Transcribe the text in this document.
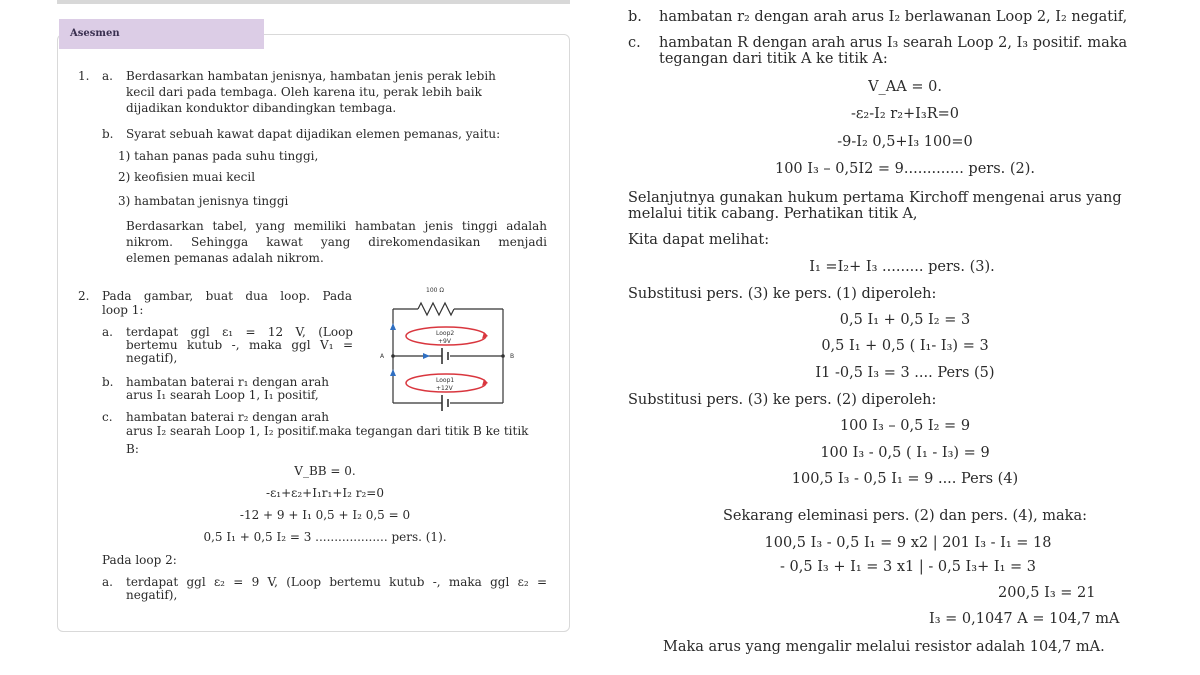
Asesmen
1. a. Berdasarkan hambatan jenisnya, hambatan jenis perak lebih
kecil dari pada tembaga. Oleh karena itu, perak lebih baik
dijadikan konduktor dibandingkan tembaga.
b. Syarat sebuah kawat dapat dijadikan elemen pemanas, yaitu:
1) tahan panas pada suhu tinggi,
2) keofisien muai kecil
3) hambatan jenisnya tinggi
Berdasarkan tabel, yang memiliki hambatan jenis tinggi adalah
nikrom. Sehingga kawat yang direkomendasikan menjadi
elemen pemanas adalah nikrom.
2. Pada gambar, buat dua loop. Pada
loop 1:
a. terdapat ggl ε₁ = 12 V, (Loop
bertemu kutub -, maka ggl V₁ =
negatif),
b. hambatan baterai r₁ dengan arah
arus I₁ searah Loop 1, I₁ positif,
c. hambatan baterai r₂ dengan arah
arus I₂ searah Loop 1, I₂ positif.maka tegangan dari titik B ke titik
B:
V_BB = 0.
-ε₁+ε₂+I₁r₁+I₂ r₂=0
-12 + 9 + I₁ 0,5 + I₂ 0,5 = 0
0,5 I₁ + 0,5 I₂ = 3 ................... pers. (1).
Pada loop 2:
a. terdapat ggl ε₂ = 9 V, (Loop bertemu kutub -, maka ggl ε₂ =
negatif),
100 Ω
Loop2
+9V
Loop1
+12V
A	B
b. hambatan r₂ dengan arah arus I₂ berlawanan Loop 2, I₂ negatif,
c. hambatan R dengan arah arus I₃ searah Loop 2, I₃ positif. maka
tegangan dari titik A ke titik A:
V_AA = 0.
-ε₂-I₂ r₂+I₃R=0
-9-I₂ 0,5+I₃ 100=0
100 I₃ – 0,5I2 = 9............. pers. (2).
Selanjutnya gunakan hukum pertama Kirchoff mengenai arus yang
melalui titik cabang. Perhatikan titik A,
Kita dapat melihat:
I₁ =I₂+ I₃ ......... pers. (3).
Substitusi pers. (3) ke pers. (1) diperoleh:
0,5 I₁ + 0,5 I₂ = 3
0,5 I₁ + 0,5 ( I₁- I₃) = 3
I1 -0,5 I₃ = 3 .... Pers (5)
Substitusi pers. (3) ke pers. (2) diperoleh:
100 I₃ – 0,5 I₂ = 9
100 I₃ - 0,5 ( I₁ - I₃) = 9
100,5 I₃ - 0,5 I₁ = 9 .... Pers (4)
Sekarang eleminasi pers. (2) dan pers. (4), maka:
100,5 I₃ - 0,5 I₁ = 9 x2 | 201 I₃ - I₁ = 18
- 0,5 I₃ + I₁ = 3 x1 | - 0,5 I₃+ I₁ = 3
200,5 I₃ = 21
I₃ = 0,1047 A = 104,7 mA
Maka arus yang mengalir melalui resistor adalah 104,7 mA.
